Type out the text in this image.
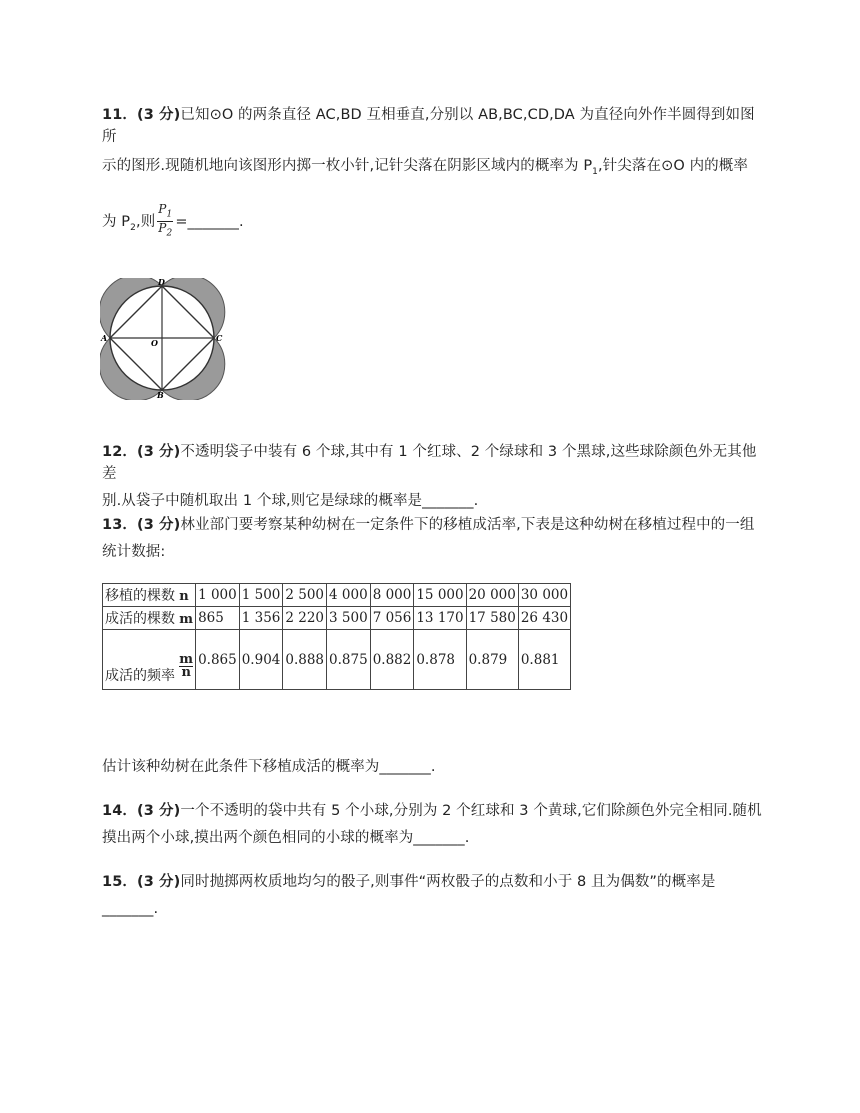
11．(3 分)已知⊙O 的两条直径 AC,BD 互相垂直,分别以 AB,BC,CD,DA 为直径向外作半圆得到如图所
示的图形.现随机地向该图形内掷一枚小针,记针尖落在阴影区域内的概率为 $P_1$,针尖落在⊙O 内的概率
为 $P_2$,则 $\frac{P_1}{P_2}$ =_______.
A	C
D
B
O
12．(3 分)不透明袋子中装有 6 个球,其中有 1 个红球、2 个绿球和 3 个黑球,这些球除颜色外无其他差
别.从袋子中随机取出 1 个球,则它是绿球的概率是_______.
13．(3 分)林业部门要考察某种幼树在一定条件下的移植成活率,下表是这种幼树在移植过程中的一组
统计数据:
移植的棵数 n	1 000	1 500	2 500	4 000	8 000	15 000	20 000	30 000
成活的棵数 m	865	1 356	2 220	3 500	7 056	13 170	17 580	26 430
成活的频率 $\frac{m}{n}$	0.865	0.904	0.888	0.875	0.882	0.878	0.879	0.881
估计该种幼树在此条件下移植成活的概率为_______.
14．(3 分)一个不透明的袋中共有 5 个小球,分别为 2 个红球和 3 个黄球,它们除颜色外完全相同.随机
摸出两个小球,摸出两个颜色相同的小球的概率为_______.
15．(3 分)同时抛掷两枚质地均匀的骰子,则事件“两枚骰子的点数和小于 8 且为偶数”的概率是
_______.
